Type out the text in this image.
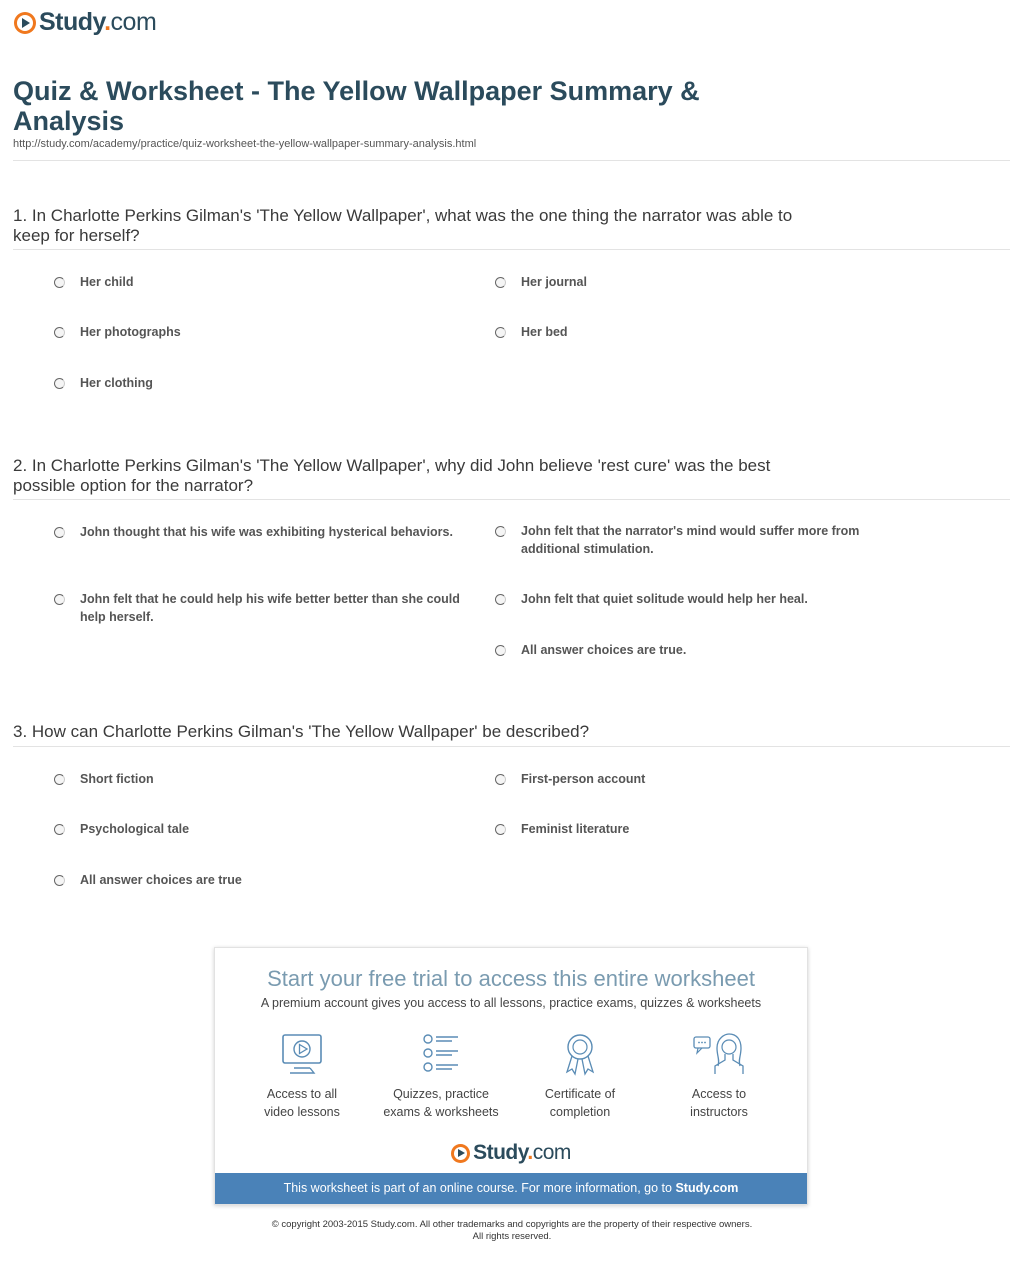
Study.com
Quiz & Worksheet - The Yellow Wallpaper Summary & Analysis
http://study.com/academy/practice/quiz-worksheet-the-yellow-wallpaper-summary-analysis.html
1. In Charlotte Perkins Gilman's 'The Yellow Wallpaper', what was the one thing the narrator was able to keep for herself?
Her child	Her journal
Her photographs	Her bed
Her clothing
2. In Charlotte Perkins Gilman's 'The Yellow Wallpaper', why did John believe 'rest cure' was the best possible option for the narrator?
John thought that his wife was exhibiting hysterical behaviors.	John felt that the narrator's mind would suffer more from additional stimulation.
John felt that he could help his wife better better than she could help herself.
John felt that quiet solitude would help her heal.
All answer choices are true.
3. How can Charlotte Perkins Gilman's 'The Yellow Wallpaper' be described?
Short fiction	First-person account
Psychological tale	Feminist literature
All answer choices are true
Start your free trial to access this entire worksheet
A premium account gives you access to all lessons, practice exams, quizzes & worksheets
Access to all
video lessons
Quizzes, practice
exams & worksheets
Certificate of
completion
Access to
instructors
Study.com
This worksheet is part of an online course. For more information, go to Study.com
© copyright 2003-2015 Study.com. All other trademarks and copyrights are the property of their respective owners.
All rights reserved.
